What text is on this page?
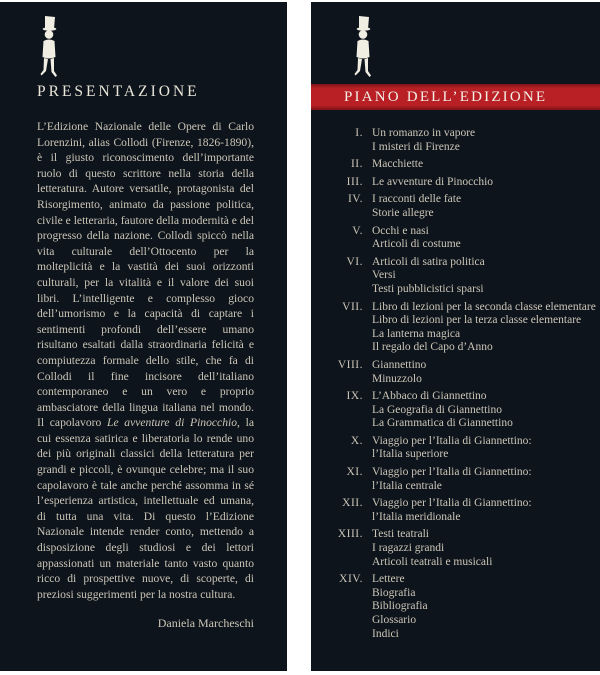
PRESENTAZIONE

L’Edizione Nazionale delle Opere di Carlo Lorenzini, alias Collodi (Firenze, 1826-1890), è il giusto riconoscimento dell’importante ruolo di questo scrittore nella storia della letteratura. Autore versatile, protagonista del Risorgimento, animato da passione politica, civile e letteraria, fautore della modernità e del progresso della nazione. Collodi spiccò nella vita culturale dell’Ottocento per la molteplicità e la vastità dei suoi orizzonti culturali, per la vitalità e il valore dei suoi libri. L’intelligente e complesso gioco dell’umorismo e la capacità di captare i sentimenti profondi dell’essere umano risultano esaltati dalla straordinaria felicità e compiutezza formale dello stile, che fa di Collodi il fine incisore dell’italiano contemporaneo e un vero e proprio ambasciatore della lingua italiana nel mondo. Il capolavoro Le avventure di Pinocchio, la cui essenza satirica e liberatoria lo rende uno dei più originali classici della letteratura per grandi e piccoli, è ovunque celebre; ma il suo capolavoro è tale anche perché assomma in sé l’esperienza artistica, intellettuale ed umana, di tutta una vita. Di questo l’Edizione Nazionale intende render conto, mettendo a disposizione degli studiosi e dei lettori appassionati un materiale tanto vasto quanto ricco di prospettive nuove, di scoperte, di preziosi suggerimenti per la nostra cultura.

Daniela Marcheschi
PIANO DELL’EDIZIONE
I. Un romanzo in vapore
I misteri di Firenze
II. Macchiette
III. Le avventure di Pinocchio
IV. I racconti delle fate
Storie allegre
V. Occhi e nasi
Articoli di costume
VI. Articoli di satira politica
Versi
Testi pubblicistici sparsi
VII. Libro di lezioni per la seconda classe elementare
Libro di lezioni per la terza classe elementare
La lanterna magica
Il regalo del Capo d’Anno
VIII. Giannettino
Minuzzolo
IX. L’Abbaco di Giannettino
La Geografia di Giannettino
La Grammatica di Giannettino
X. Viaggio per l’Italia di Giannettino:
l’Italia superiore
XI. Viaggio per l’Italia di Giannettino:
l’Italia centrale
XII. Viaggio per l’Italia di Giannettino:
l’Italia meridionale
XIII. Testi teatrali
I ragazzi grandi
Articoli teatrali e musicali
XIV. Lettere
Biografia
Bibliografia
Glossario
Indici
